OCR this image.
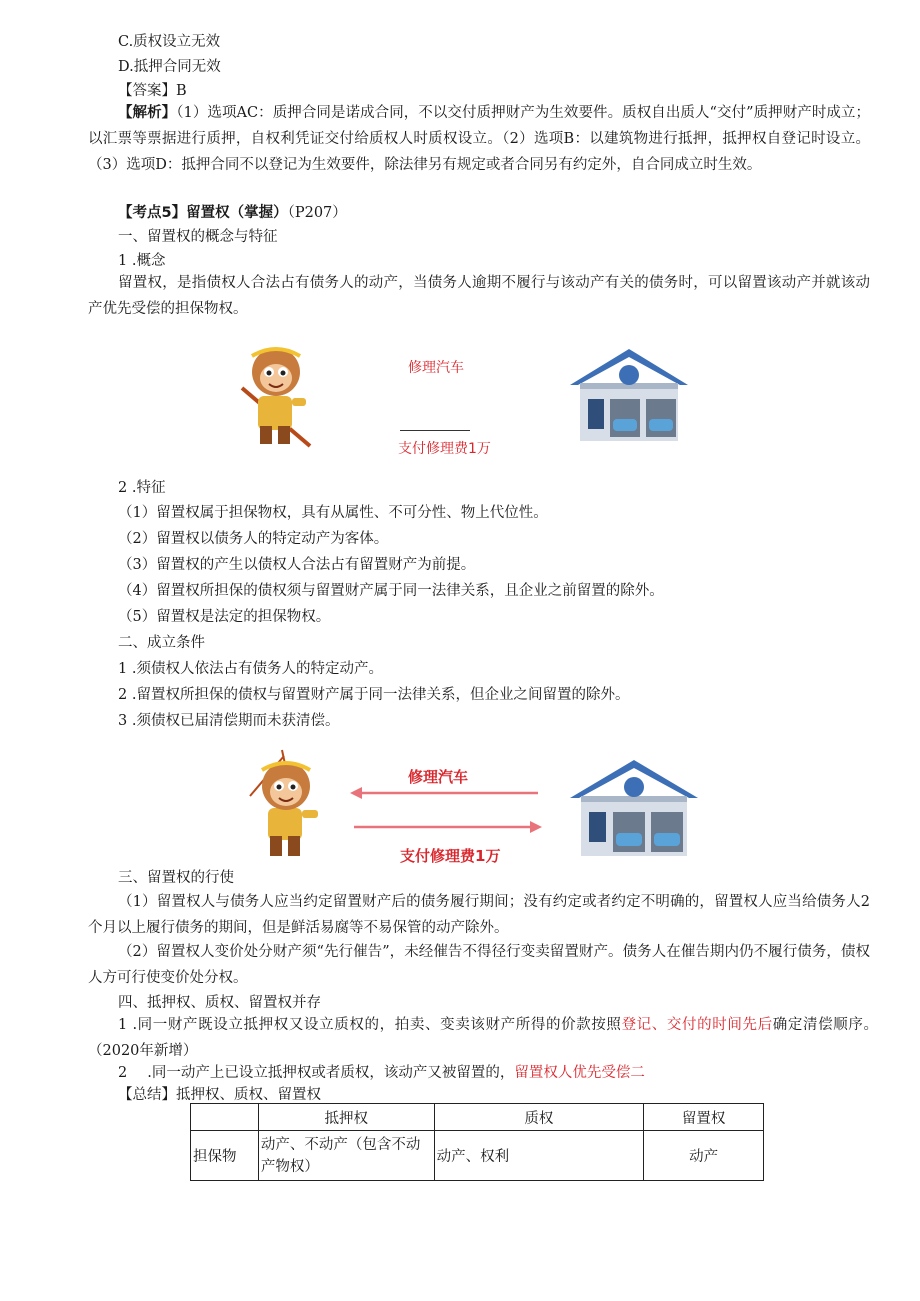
C.质权设立无效
D.抵押合同无效
【答案】B
【解析】（1）选项AC：质押合同是诺成合同，不以交付质押财产为生效要件。质权自出质人“交付”质押财产时成立；以汇票等票据进行质押，自权利凭证交付给质权人时质权设立。（2）选项B：以建筑物进行抵押，抵押权自登记时设立。（3）选项D：抵押合同不以登记为生效要件，除法律另有规定或者合同另有约定外，自合同成立时生效。
【考点5】留置权（掌握）（P207）
一、留置权的概念与特征
1 .概念
留置权，是指债权人合法占有债务人的动产，当债务人逾期不履行与该动产有关的债务时，可以留置该动产并就该动产优先受偿的担保物权。
修理汽车
支付修理费1万
2 .特征
（1）留置权属于担保物权，具有从属性、不可分性、物上代位性。
（2）留置权以债务人的特定动产为客体。
（3）留置权的产生以债权人合法占有留置财产为前提。
（4）留置权所担保的债权须与留置财产属于同一法律关系，且企业之前留置的除外。
（5）留置权是法定的担保物权。
二、成立条件
1 .须债权人依法占有债务人的特定动产。
2 .留置权所担保的债权与留置财产属于同一法律关系，但企业之间留置的除外。
3 .须债权已届清偿期而未获清偿。
修理汽车
支付修理费1万
三、留置权的行使
（1）留置权人与债务人应当约定留置财产后的债务履行期间；没有约定或者约定不明确的，留置权人应当给债务人2个月以上履行债务的期间，但是鲜活易腐等不易保管的动产除外。
（2）留置权人变价处分财产须“先行催告”，未经催告不得径行变卖留置财产。债务人在催告期内仍不履行债务，债权人方可行使变价处分权。
四、抵押权、质权、留置权并存
1 .同一财产既设立抵押权又设立质权的，拍卖、变卖该财产所得的价款按照登记、交付的时间先后确定清偿顺序。（2020年新增）
2 .同一动产上已设立抵押权或者质权，该动产又被留置的，留置权人优先受偿二
【总结】抵押权、质权、留置权
	抵押权	质权	留置权
担保物	动产、不动产（包含不动产物权）	动产、权利	动产
